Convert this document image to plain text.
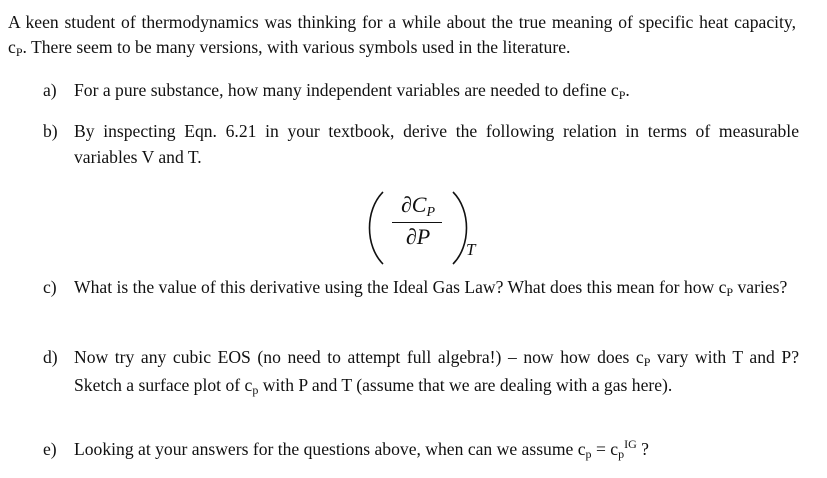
A keen student of thermodynamics was thinking for a while about the true meaning of specific heat capacity, cP. There seem to be many versions, with various symbols used in the literature.
a) For a pure substance, how many independent variables are needed to define cP.
b) By inspecting Eqn. 6.21 in your textbook, derive the following relation in terms of measurable variables V and T.
∂CP
∂P
T
c) What is the value of this derivative using the Ideal Gas Law? What does this mean for how cP varies?
d) Now try any cubic EOS (no need to attempt full algebra!) – now how does cP vary with T and P? Sketch a surface plot of cp with P and T (assume that we are dealing with a gas here).
e) Looking at your answers for the questions above, when can we assume cp = $cp^{IG}$ ?
